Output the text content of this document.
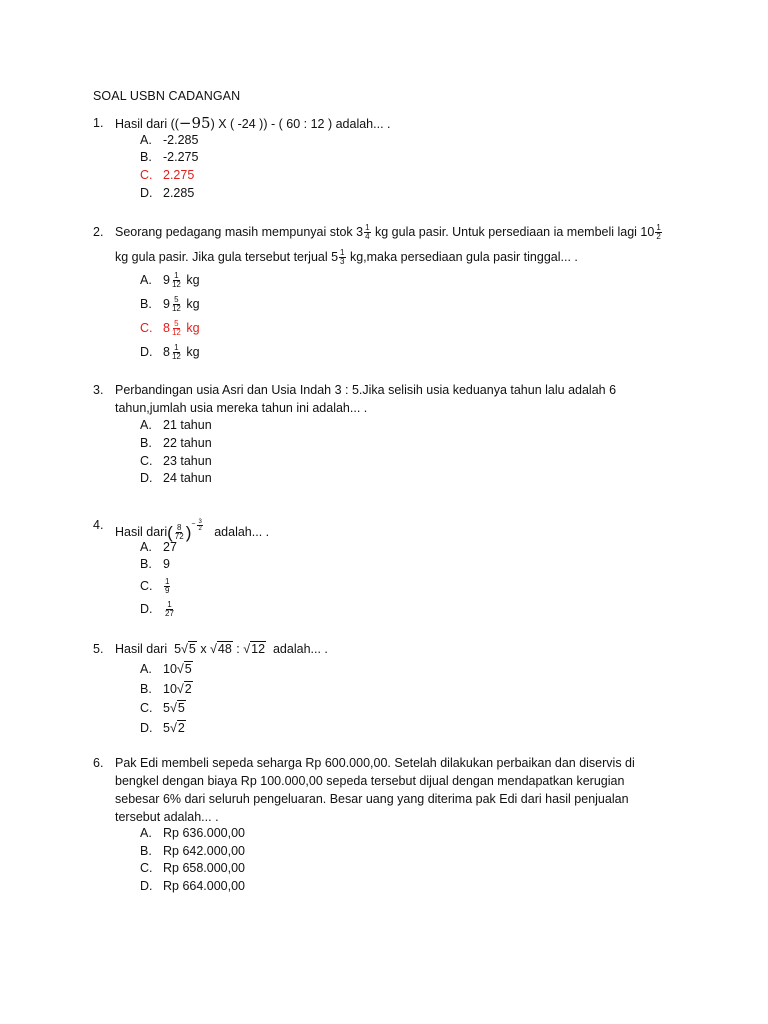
SOAL USBN CADANGAN
1. Hasil dari ((−95) X ( -24 )) - ( 60 : 12 ) adalah... .
A. -2.285
B. -2.275
C. 2.275
D. 2.285
2. Seorang pedagang masih mempunyai stok $3 \frac{1}{4}$ kg gula pasir. Untuk persediaan ia membeli lagi $10 \frac{1}{2}$
kg gula pasir. Jika gula tersebut terjual $5 \frac{1}{3}$ kg,maka persediaan gula pasir tinggal... .
A. $9 \frac{1}{12}$ kg
B. $9 \frac{5}{12}$ kg
C. $8 \frac{5}{12}$ kg
D. $8 \frac{1}{12}$ kg
3. Perbandingan usia Asri dan Usia Indah 3 : 5.Jika selisih usia keduanya tahun lalu adalah 6
tahun,jumlah usia mereka tahun ini adalah... .
A. 21 tahun
B. 22 tahun
C. 23 tahun
D. 24 tahun
4. Hasil dari( $\frac{8}{72}$ ) − $\frac{3}{2}$ adalah... .
A. 27
B. 9
C. $\frac{1}{9}$
D. $\frac{1}{27}$
5. Hasil dari 5√5 x √48 : √12 adalah... .
A. 10√5
B. 10√2
C. 5√5
D. 5√2
6. Pak Edi membeli sepeda seharga Rp 600.000,00. Setelah dilakukan perbaikan dan diservis di
bengkel dengan biaya Rp 100.000,00 sepeda tersebut dijual dengan mendapatkan kerugian
sebesar 6% dari seluruh pengeluaran. Besar uang yang diterima pak Edi dari hasil penjualan
tersebut adalah... .
A. Rp 636.000,00
B. Rp 642.000,00
C. Rp 658.000,00
D. Rp 664.000,00
